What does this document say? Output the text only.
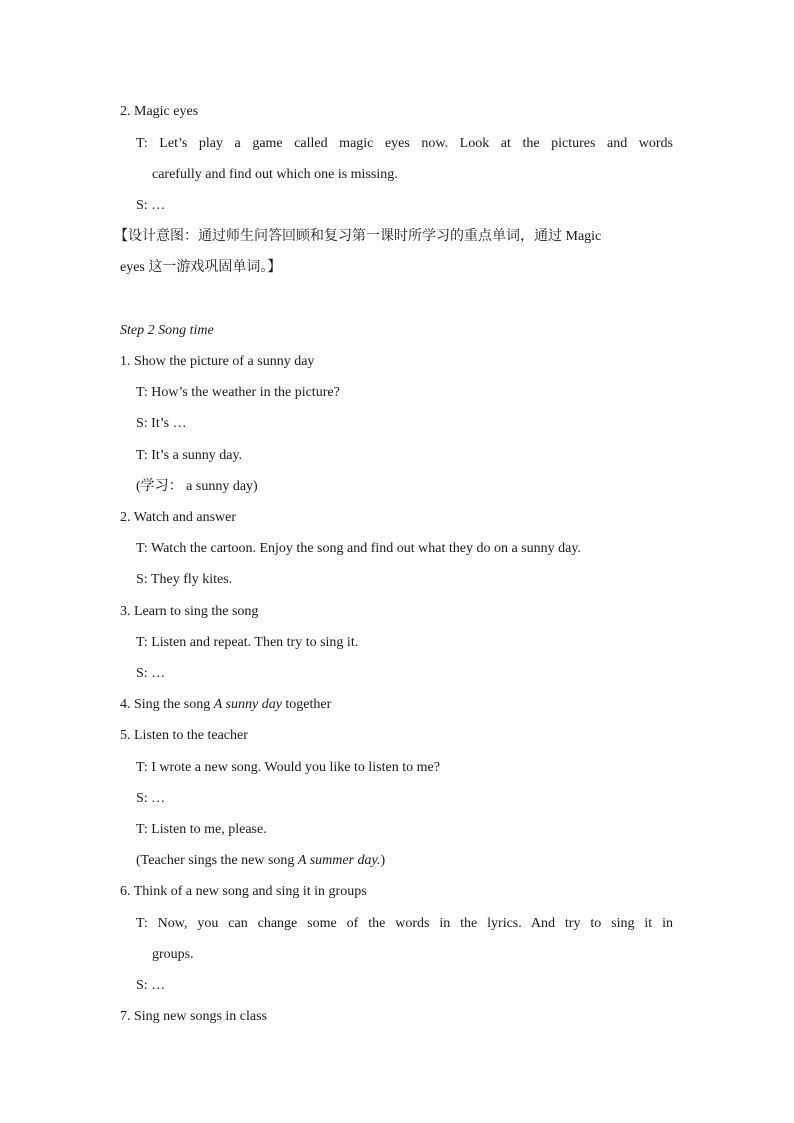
2. Magic eyes
T: Let’s play a game called magic eyes now. Look at the pictures and words
carefully and find out which one is missing.
S: …
【设计意图：通过师生问答回顾和复习第一课时所学习的重点单词，通过 Magic
eyes 这一游戏巩固单词。】
Step 2 Song time
1. Show the picture of a sunny day
T: How’s the weather in the picture?
S: It’s …
T: It’s a sunny day.
(学习： a sunny day)
2. Watch and answer
T: Watch the cartoon. Enjoy the song and find out what they do on a sunny day.
S: They fly kites.
3. Learn to sing the song
T: Listen and repeat. Then try to sing it.
S: …
4. Sing the song A sunny day together
5. Listen to the teacher
T: I wrote a new song. Would you like to listen to me?
S: …
T: Listen to me, please.
(Teacher sings the new song A summer day.)
6. Think of a new song and sing it in groups
T: Now, you can change some of the words in the lyrics. And try to sing it in
groups.
S: …
7. Sing new songs in class
